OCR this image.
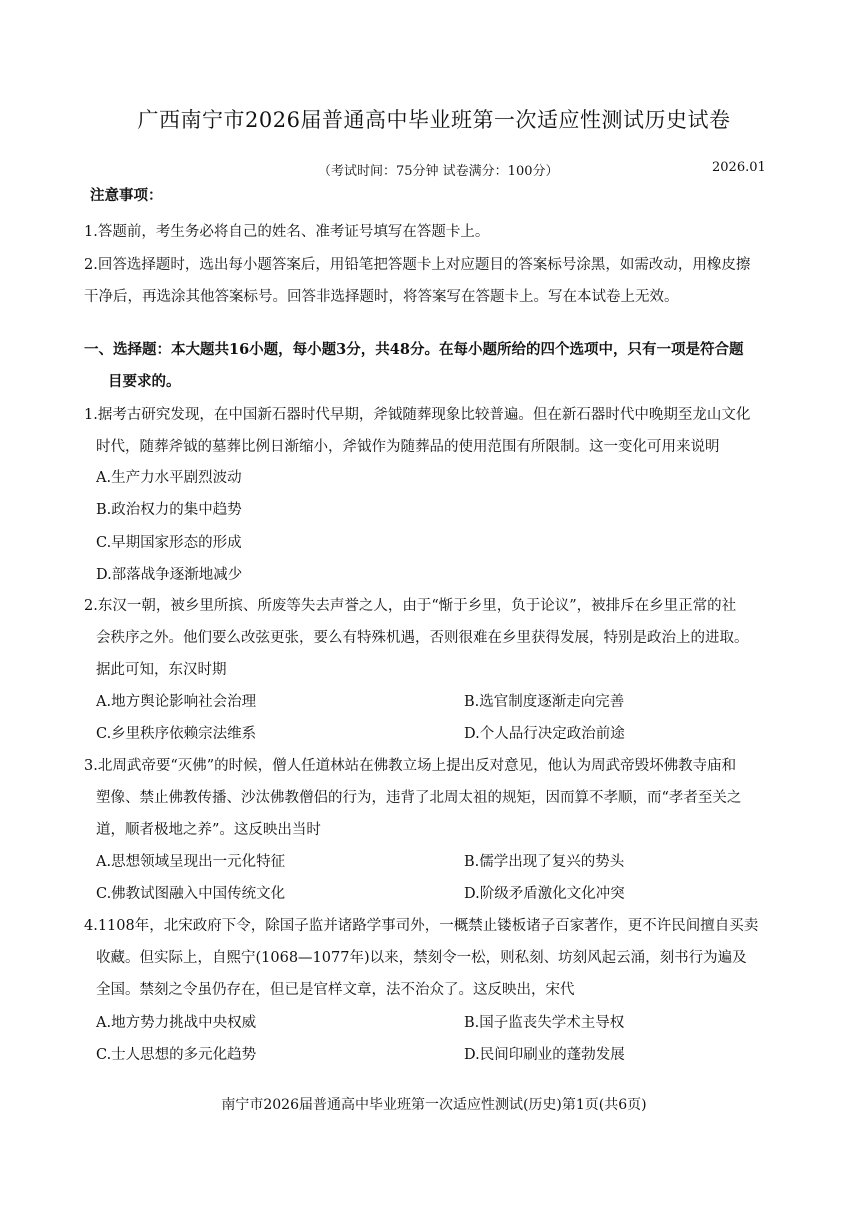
广西南宁市2026届普通高中毕业班第一次适应性测试历史试卷
（考试时间：75分钟 试卷满分：100分）	2026.01
注意事项：
1.答题前，考生务必将自己的姓名、准考证号填写在答题卡上。
2.回答选择题时，选出每小题答案后，用铅笔把答题卡上对应题目的答案标号涂黑，如需改动，用橡皮擦
干净后，再选涂其他答案标号。回答非选择题时，将答案写在答题卡上。写在本试卷上无效。
一、选择题：本大题共16小题，每小题3分，共48分。在每小题所给的四个选项中，只有一项是符合题
目要求的。
1.据考古研究发现，在中国新石器时代早期，斧钺随葬现象比较普遍。但在新石器时代中晚期至龙山文化
时代，随葬斧钺的墓葬比例日渐缩小，斧钺作为随葬品的使用范围有所限制。这一变化可用来说明
A.生产力水平剧烈波动
B.政治权力的集中趋势
C.早期国家形态的形成
D.部落战争逐渐地减少
2.东汉一朝，被乡里所摈、所废等失去声誉之人，由于“惭于乡里，负于论议”，被排斥在乡里正常的社
会秩序之外。他们要么改弦更张，要么有特殊机遇，否则很难在乡里获得发展，特别是政治上的进取。
据此可知，东汉时期
A.地方舆论影响社会治理	B.选官制度逐渐走向完善
C.乡里秩序依赖宗法维系	D.个人品行决定政治前途
3.北周武帝要“灭佛”的时候，僧人任道林站在佛教立场上提出反对意见，他认为周武帝毁坏佛教寺庙和
塑像、禁止佛教传播、沙汰佛教僧侣的行为，违背了北周太祖的规矩，因而算不孝顺，而“孝者至关之
道，顺者极地之养”。这反映出当时
A.思想领域呈现出一元化特征	B.儒学出现了复兴的势头
C.佛教试图融入中国传统文化	D.阶级矛盾激化文化冲突
4.1108年，北宋政府下令，除国子监并诸路学事司外，一概禁止镂板诸子百家著作，更不许民间擅自买卖
收藏。但实际上，自熙宁(1068—1077年)以来，禁刻令一松，则私刻、坊刻风起云涌，刻书行为遍及
全国。禁刻之令虽仍存在，但已是官样文章，法不治众了。这反映出，宋代
A.地方势力挑战中央权威	B.国子监丧失学术主导权
C.士人思想的多元化趋势	D.民间印刷业的蓬勃发展
南宁市2026届普通高中毕业班第一次适应性测试(历史)第1页(共6页)
